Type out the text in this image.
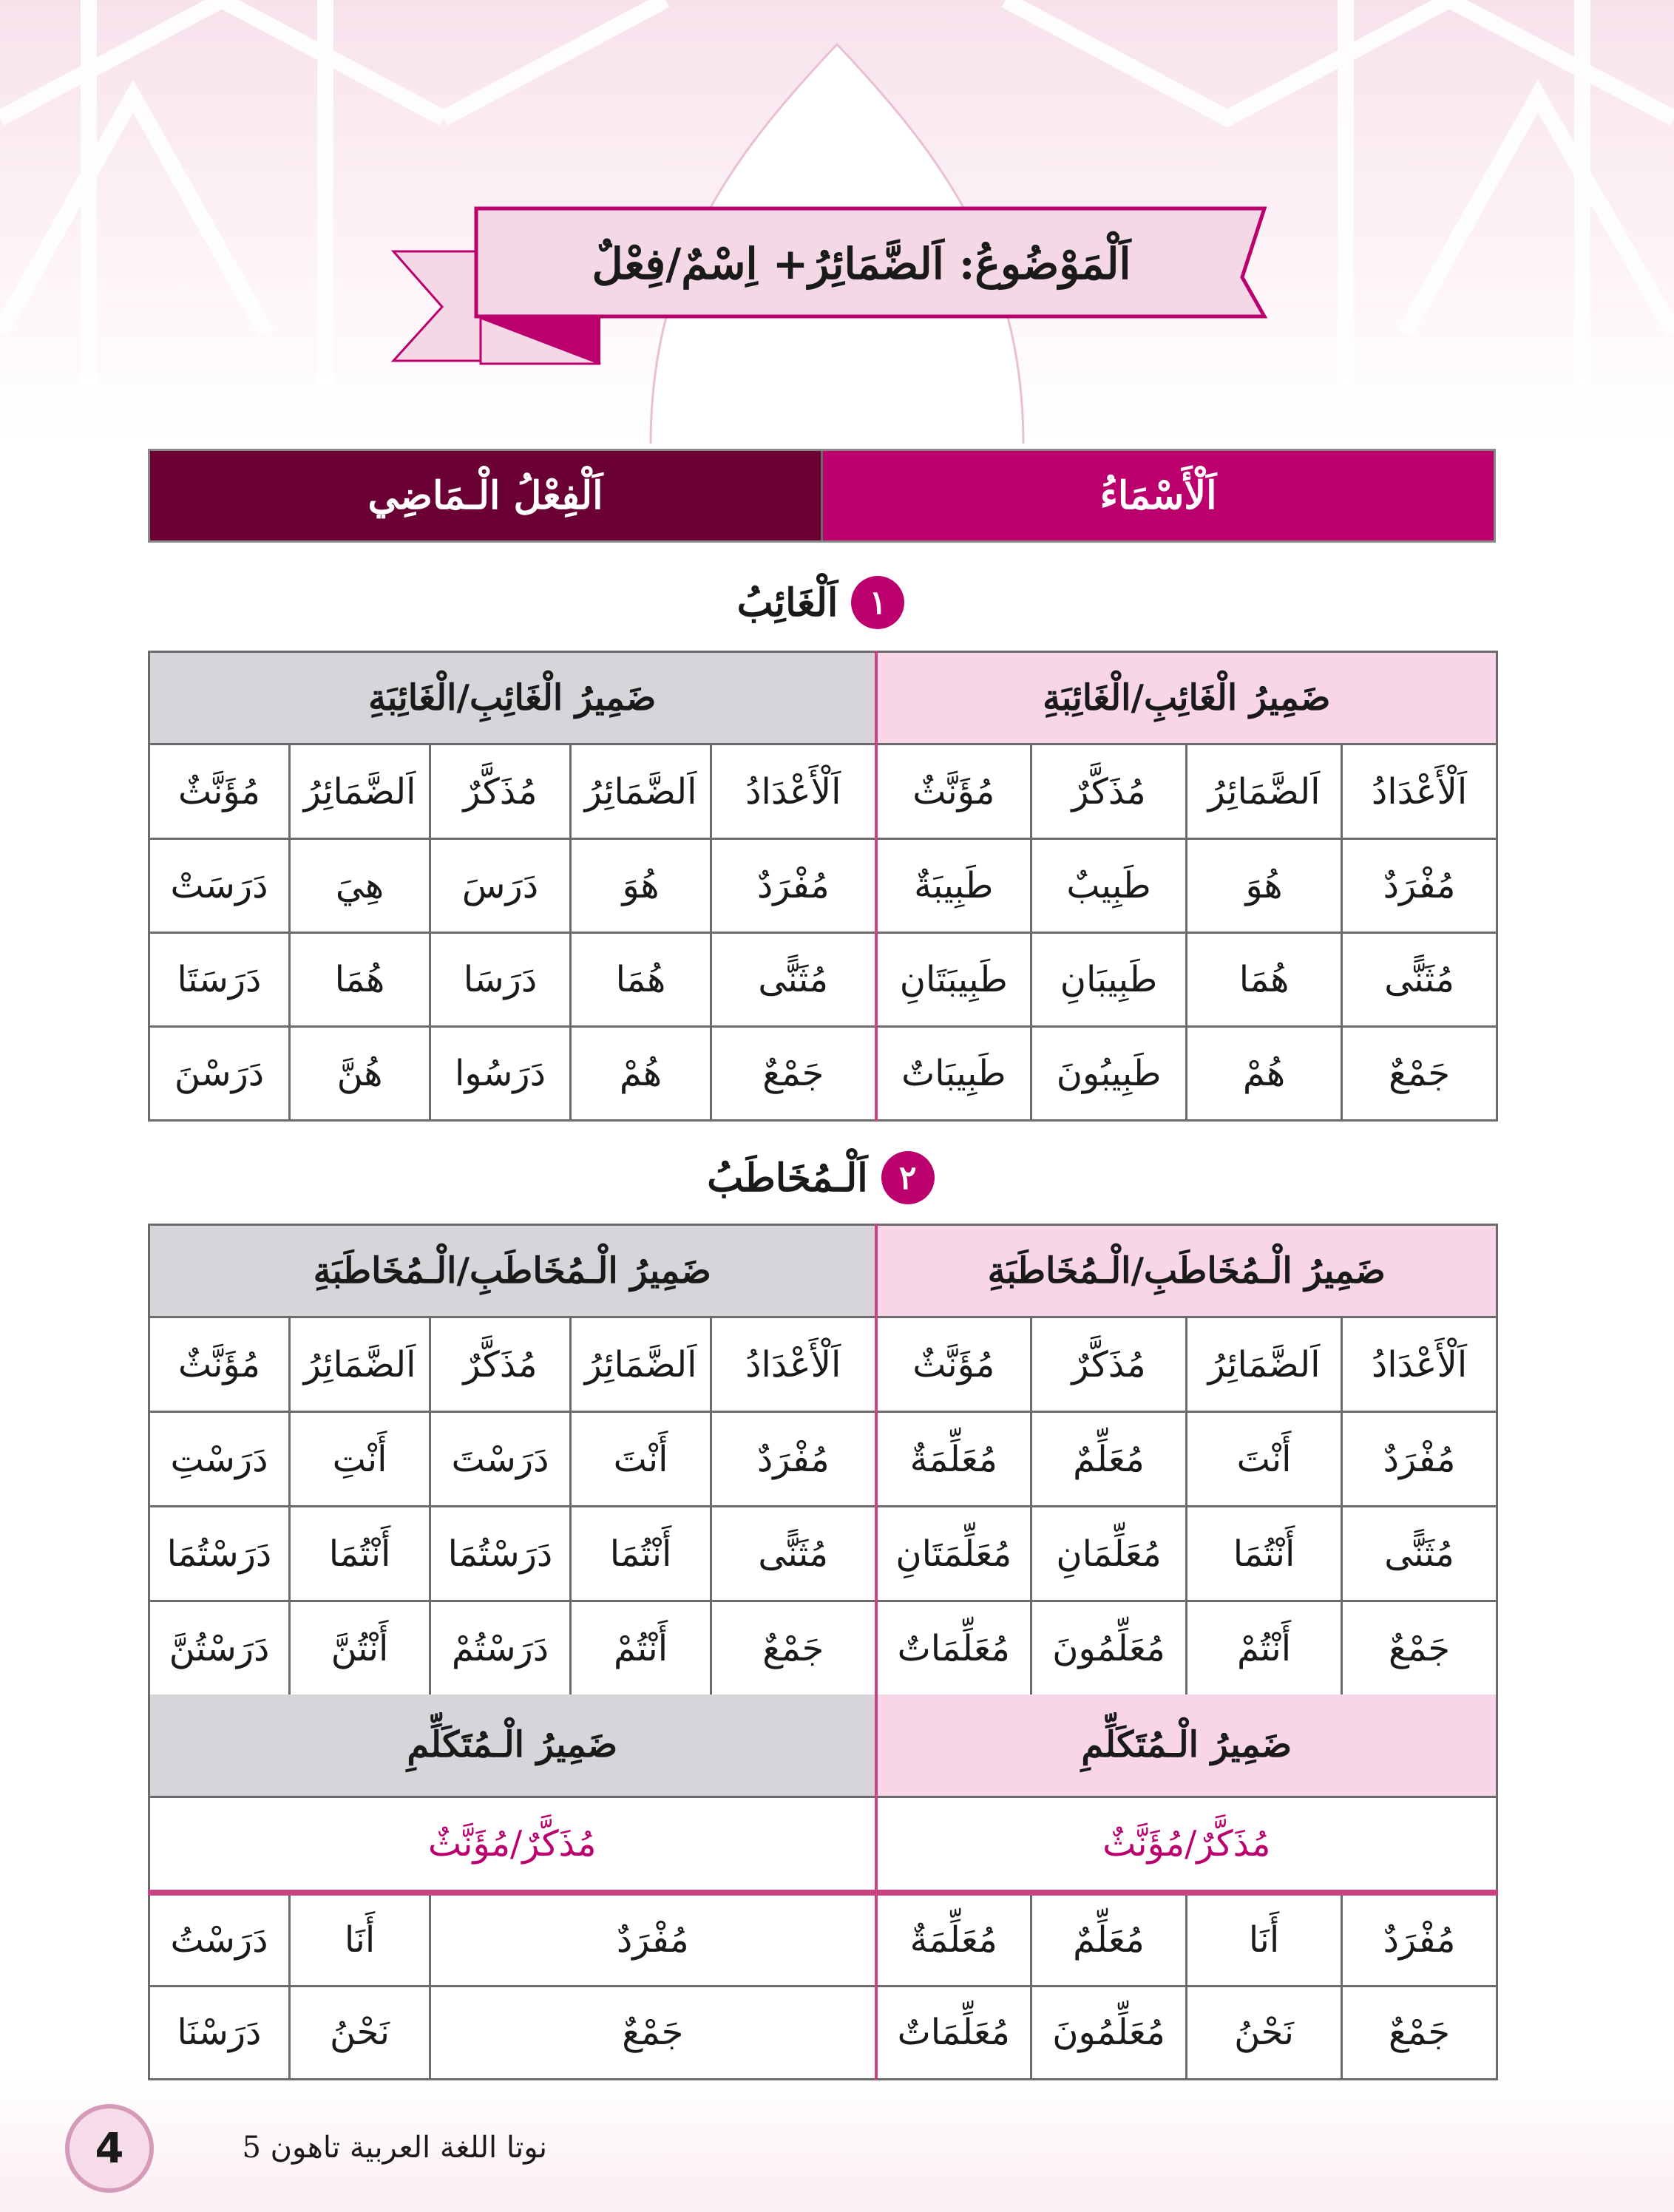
اَلْمَوْضُوعُ: اَلضَّمَائِرُ+ اِسْمٌ/فِعْلٌ
اَلْفِعْلُ الْـمَاضِي	اَلْأَسْمَاءُ
١
اَلْغَائِبُ
ضَمِيرُ الْغَائِبِ/الْغَائِبَةِ					ضَمِيرُ الْغَائِبِ/الْغَائِبَةِ			
مُؤَنَّثٌ	اَلضَّمَائِرُ	مُذَكَّرٌ	اَلضَّمَائِرُ	اَلْأَعْدَادُ	مُؤَنَّثٌ	مُذَكَّرٌ	اَلضَّمَائِرُ	اَلْأَعْدَادُ
دَرَسَتْ	هِيَ	دَرَسَ	هُوَ	مُفْرَدٌ	طَبِيبَةٌ	طَبِيبٌ	هُوَ	مُفْرَدٌ
دَرَسَتَا	هُمَا	دَرَسَا	هُمَا	مُثَنًّى	طَبِيبَتَانِ	طَبِيبَانِ	هُمَا	مُثَنًّى
دَرَسْنَ	هُنَّ	دَرَسُوا	هُمْ	جَمْعٌ	طَبِيبَاتٌ	طَبِيبُونَ	هُمْ	جَمْعٌ
٢
اَلْـمُخَاطَبُ
ضَمِيرُ الْـمُخَاطَبِ/الْـمُخَاطَبَةِ					ضَمِيرُ الْـمُخَاطَبِ/الْـمُخَاطَبَةِ			
مُؤَنَّثٌ	اَلضَّمَائِرُ	مُذَكَّرٌ	اَلضَّمَائِرُ	اَلْأَعْدَادُ	مُؤَنَّثٌ	مُذَكَّرٌ	اَلضَّمَائِرُ	اَلْأَعْدَادُ
دَرَسْتِ	أَنْتِ	دَرَسْتَ	أَنْتَ	مُفْرَدٌ	مُعَلِّمَةٌ	مُعَلِّمٌ	أَنْتَ	مُفْرَدٌ
دَرَسْتُمَا	أَنْتُمَا	دَرَسْتُمَا	أَنْتُمَا	مُثَنًّى	مُعَلِّمَتَانِ	مُعَلِّمَانِ	أَنْتُمَا	مُثَنًّى
دَرَسْتُنَّ	أَنْتُنَّ	دَرَسْتُمْ	أَنْتُمْ	جَمْعٌ	مُعَلِّمَاتٌ	مُعَلِّمُونَ	أَنْتُمْ	جَمْعٌ
ضَمِيرُ الْـمُتَكَلِّمِ			ضَمِيرُ الْـمُتَكَلِّمِ			
مُذَكَّرٌ/مُؤَنَّثٌ			مُذَكَّرٌ/مُؤَنَّثٌ			
دَرَسْتُ	أَنَا	مُفْرَدٌ	مُعَلِّمَةٌ	مُعَلِّمٌ	أَنَا	مُفْرَدٌ
دَرَسْنَا	نَحْنُ	جَمْعٌ	مُعَلِّمَاتٌ	مُعَلِّمُونَ	نَحْنُ	جَمْعٌ
4	نوتا اللغة العربية تاهون 5
